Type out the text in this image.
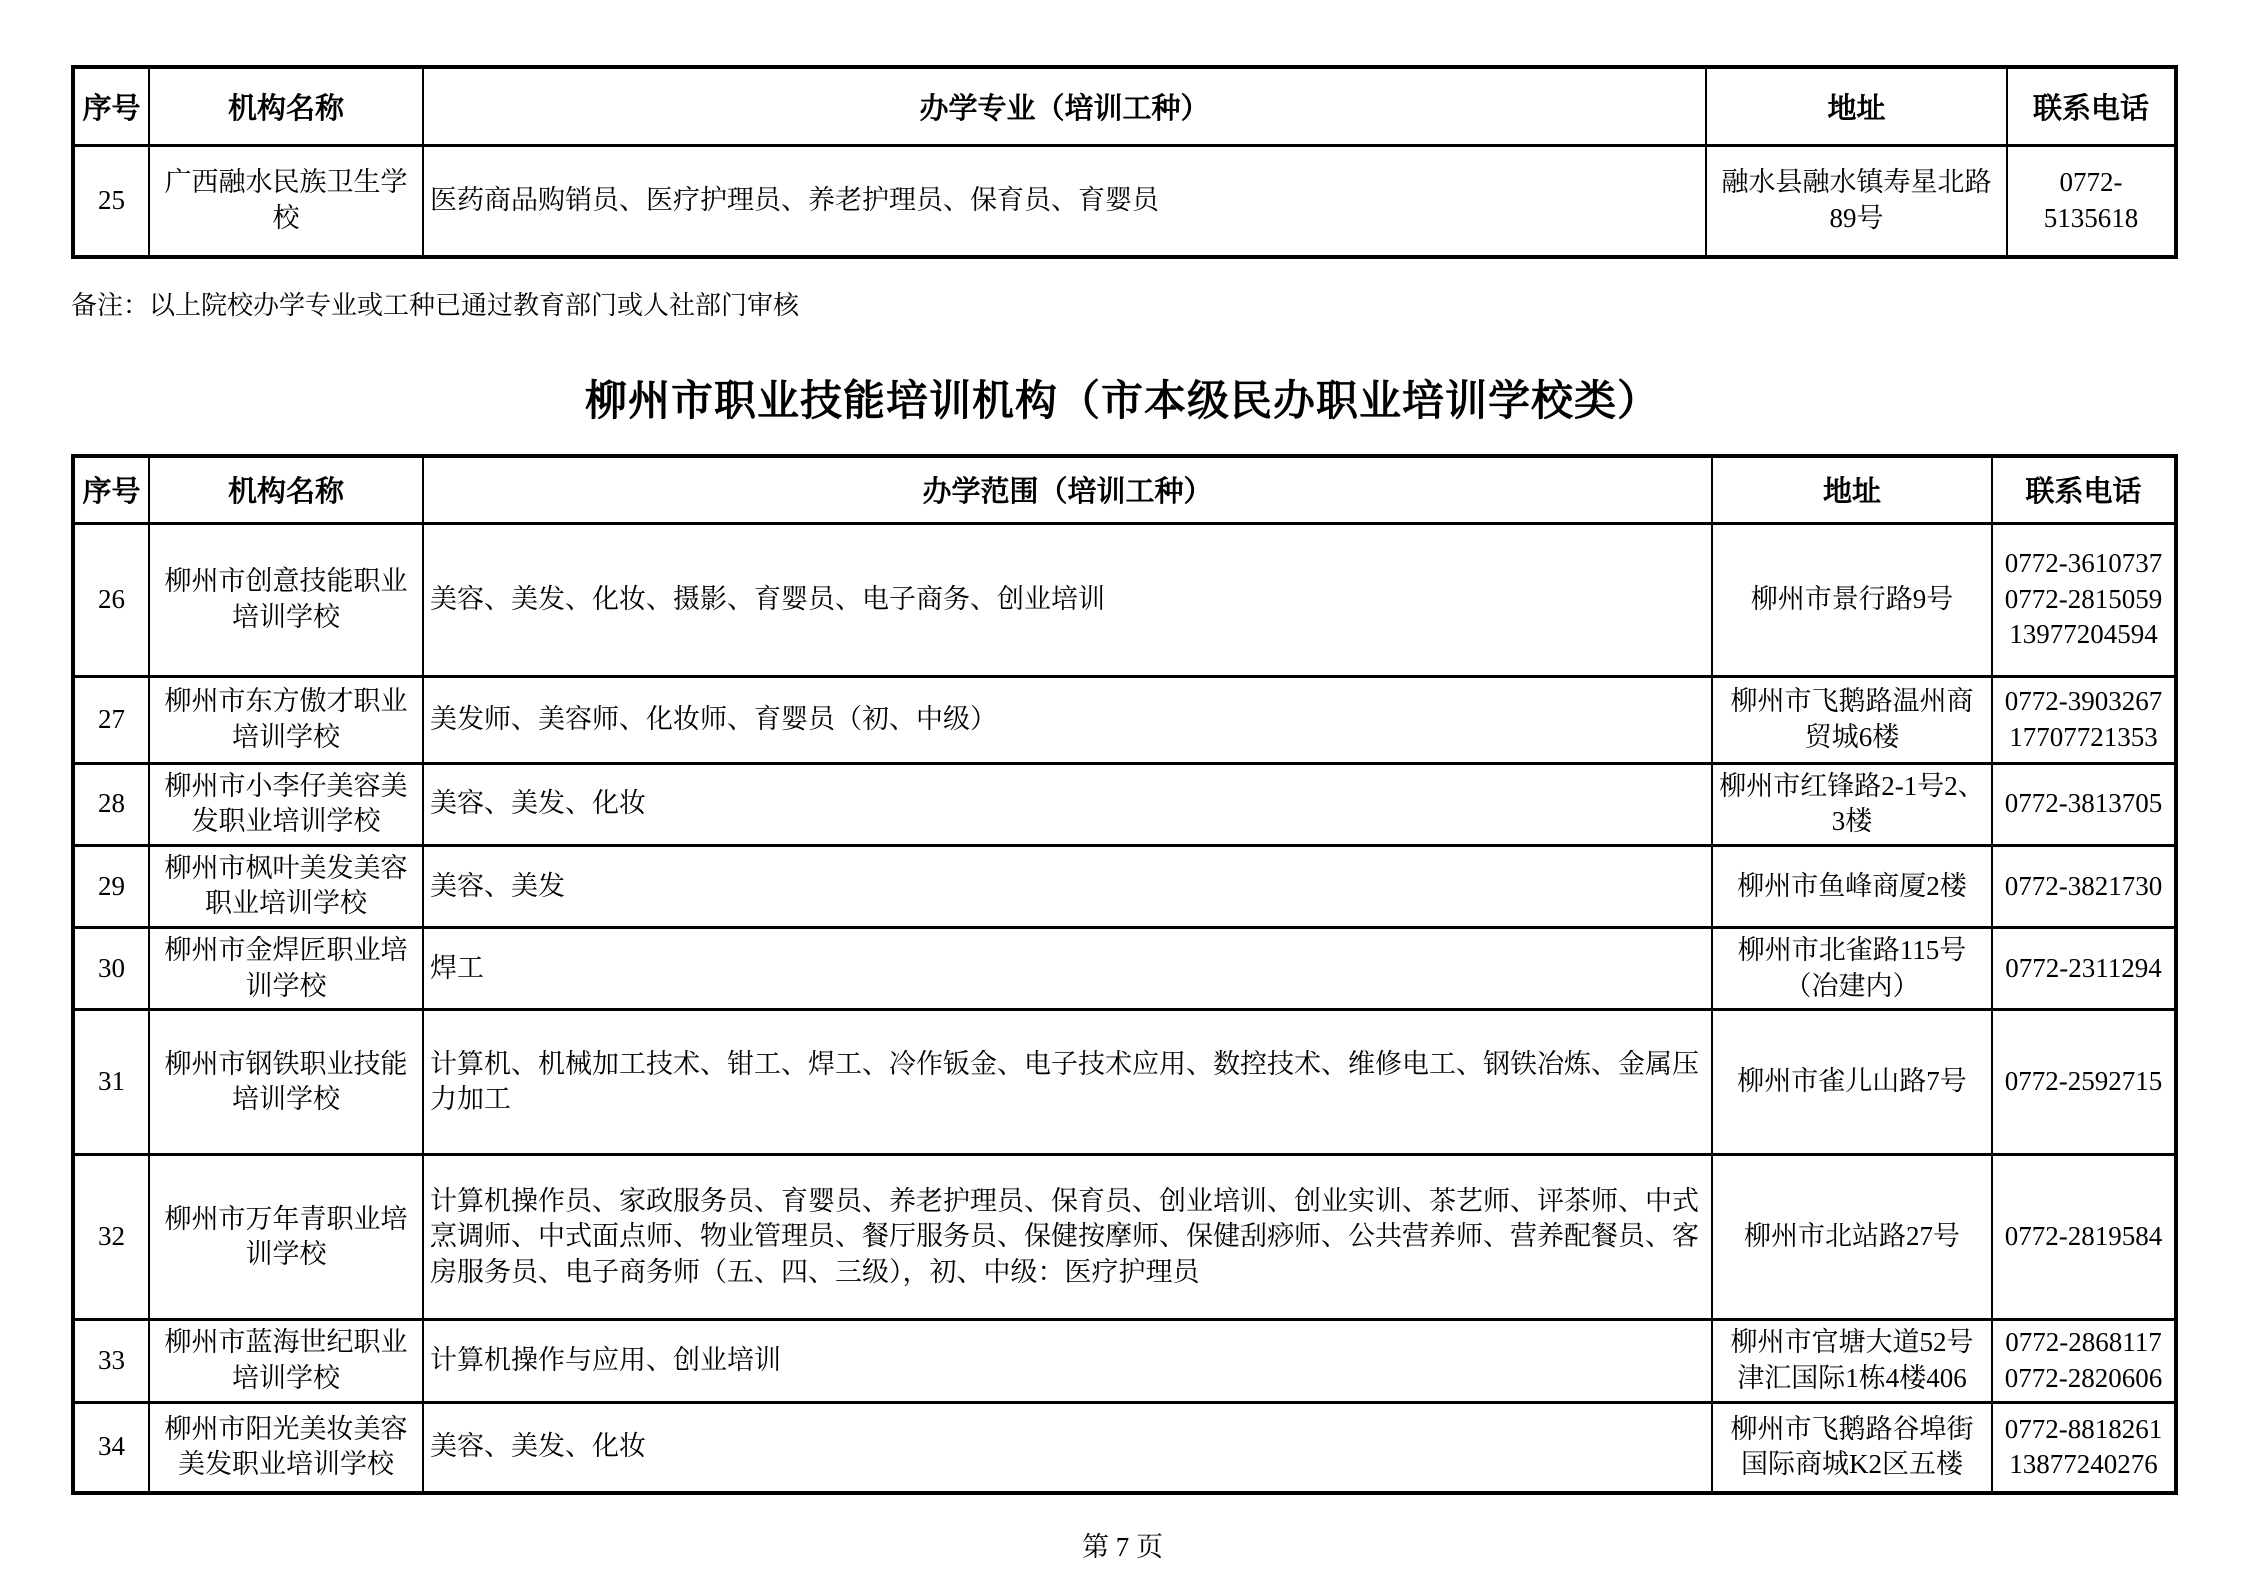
序号	机构名称	办学专业（培训工种）	地址	联系电话
25	广西融水民族卫生学校	医药商品购销员、医疗护理员、养老护理员、保育员、育婴员	融水县融水镇寿星北路89号	0772-5135618
备注：以上院校办学专业或工种已通过教育部门或人社部门审核
柳州市职业技能培训机构（市本级民办职业培训学校类）
序号	机构名称	办学范围（培训工种）	地址	联系电话
26	柳州市创意技能职业培训学校	美容、美发、化妆、摄影、育婴员、电子商务、创业培训	柳州市景行路9号	0772-3610737
0772-2815059
13977204594

27	柳州市东方傲才职业培训学校	美发师、美容师、化妆师、育婴员（初、中级）	柳州市飞鹅路温州商贸城6楼	0772-3903267
17707721353

28	柳州市小李仔美容美发职业培训学校	美容、美发、化妆	柳州市红锋路2-1号2、3楼	0772-3813705

29	柳州市枫叶美发美容职业培训学校	美容、美发	柳州市鱼峰商厦2楼	0772-3821730

30	柳州市金焊匠职业培训学校	焊工	柳州市北雀路115号（冶建内）	0772-2311294

31	柳州市钢铁职业技能培训学校	计算机、机械加工技术、钳工、焊工、冷作钣金、电子技术应用、数控技术、维修电工、钢铁冶炼、金属压力加工	柳州市雀儿山路7号	0772-2592715

32	柳州市万年青职业培训学校	计算机操作员、家政服务员、育婴员、养老护理员、保育员、创业培训、创业实训、茶艺师、评茶师、中式烹调师、中式面点师、物业管理员、餐厅服务员、保健按摩师、保健刮痧师、公共营养师、营养配餐员、客房服务员、电子商务师（五、四、三级），初、中级：医疗护理员	柳州市北站路27号	0772-2819584

33	柳州市蓝海世纪职业培训学校	计算机操作与应用、创业培训	柳州市官塘大道52号津汇国际1栋4楼406	0772-2868117
0772-2820606

34	柳州市阳光美妆美容美发职业培训学校	美容、美发、化妆	柳州市飞鹅路谷埠街国际商城K2区五楼	0772-8818261
13877240276
第 7 页
